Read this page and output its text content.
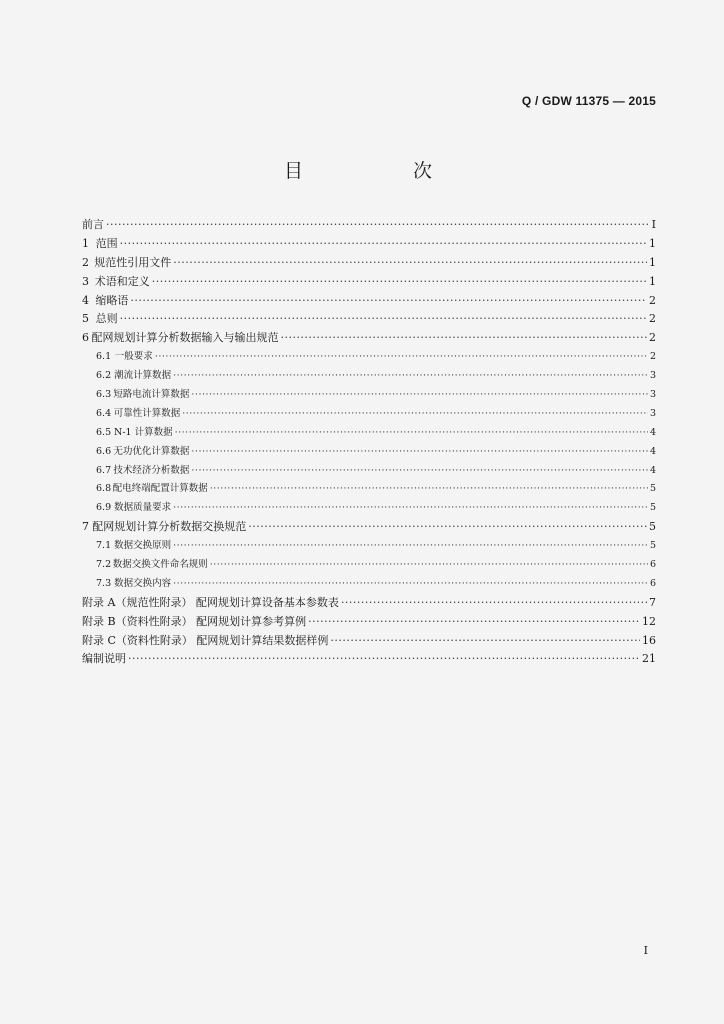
Q / GDW 11375 — 2015
目 次
前言 ·····	I
1 范围 ·····	1
2 规范性引用文件 ·····	1
3 术语和定义 ·····	1
4 缩略语 ·····	2
5 总则 ·····	2
6 配网规划计算分析数据输入与输出规范 ·····	2
6.1 一般要求 ·····	2
6.2 潮流计算数据 ·····	3
6.3 短路电流计算数据 ·····	3
6.4 可靠性计算数据 ·····	3
6.5 N-1 计算数据 ·····	4
6.6 无功优化计算数据 ·····	4
6.7 技术经济分析数据 ·····	4
6.8 配电终端配置计算数据 ·····	5
6.9 数据质量要求 ·····	5
7 配网规划计算分析数据交换规范 ·····	5
7.1 数据交换原则 ·····	5
7.2 数据交换文件命名规则 ·····	6
7.3 数据交换内容 ·····	6
附录 A（规范性附录） 配网规划计算设备基本参数表 ·····	7
附录 B（资料性附录） 配网规划计算参考算例 ·····	12
附录 C（资料性附录） 配网规划计算结果数据样例 ·····	16
编制说明 ·····	21
I
